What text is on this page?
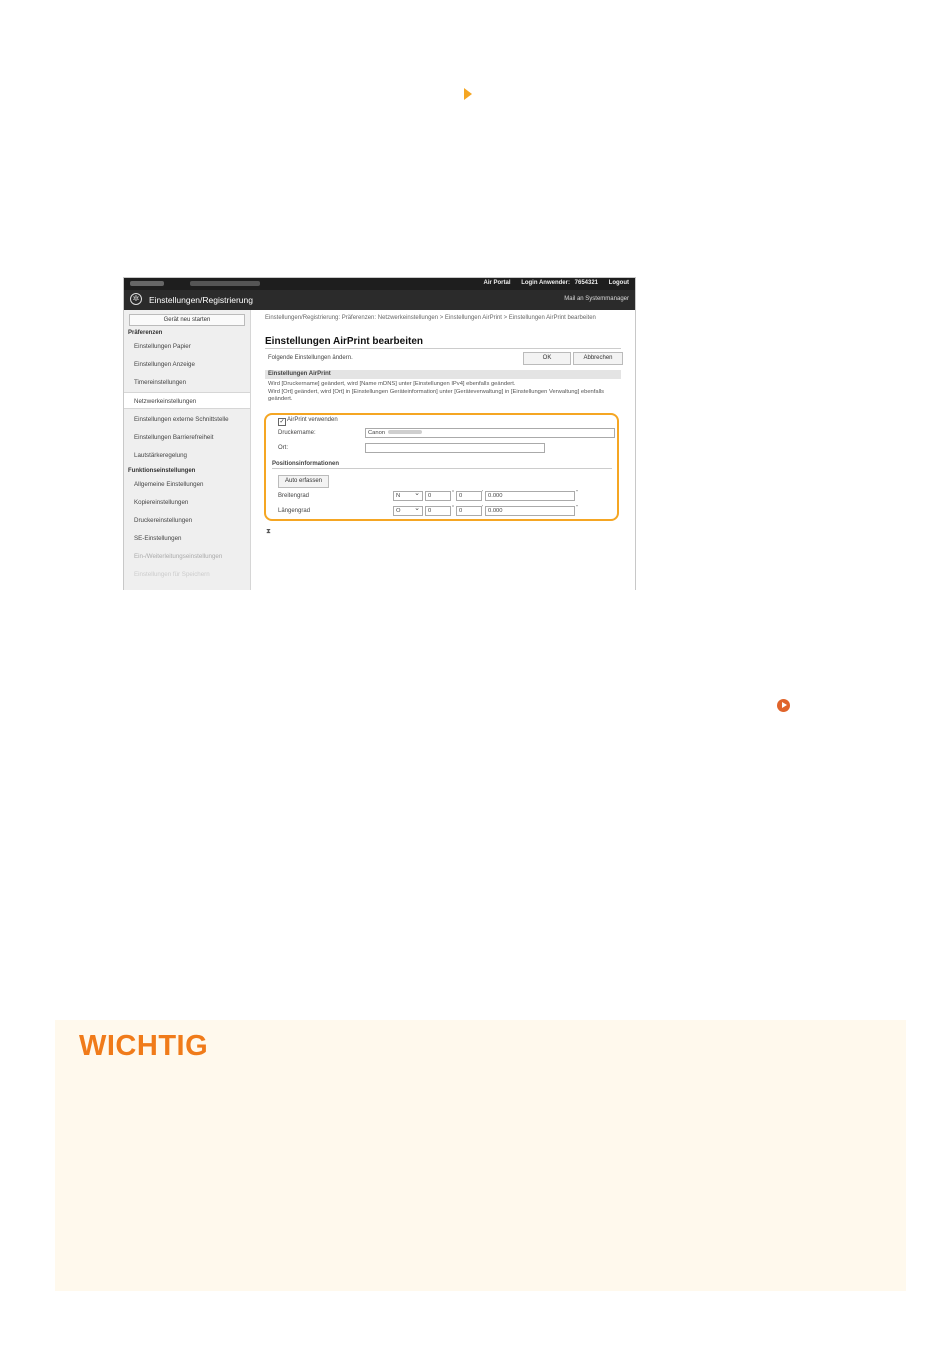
Air Portal Login Anwender: 7654321 Logout
✲	Einstellungen/Registrierung	Mail an Systemmanager
Gerät neu starten
Präferenzen
Einstellungen Papier
Einstellungen Anzeige
Timereinstellungen
Netzwerkeinstellungen
Einstellungen externe Schnittstelle
Einstellungen Barrierefreiheit
Lautstärkeregelung
Funktionseinstellungen
Allgemeine Einstellungen
Kopiereinstellungen
Druckereinstellungen
SE-Einstellungen
Ein-/Weiterleitungseinstellungen
Einstellungen für Speichern
Einstellungen/Registrierung: Präferenzen: Netzwerkeinstellungen > Einstellungen AirPrint > Einstellungen AirPrint bearbeiten
Einstellungen AirPrint bearbeiten
Folgende Einstellungen ändern.	OK	Abbrechen
Einstellungen AirPrint
Wird [Druckername] geändert, wird [Name mDNS] unter [Einstellungen IPv4] ebenfalls geändert.
Wird [Ort] geändert, wird [Ort] in [Einstellungen Geräteinformation] unter [Geräteverwaltung] in [Einstellungen Verwaltung] ebenfalls geändert.
✓ AirPrint verwenden
Druckername:	Canon
Ort:
Positionsinformationen
Auto erfassen
Breitengrad	N ⌄	0	° 0	' 0.000	"
Längengrad	O ⌄	0	° 0	' 0.000	"
⧗
WICHTIG
